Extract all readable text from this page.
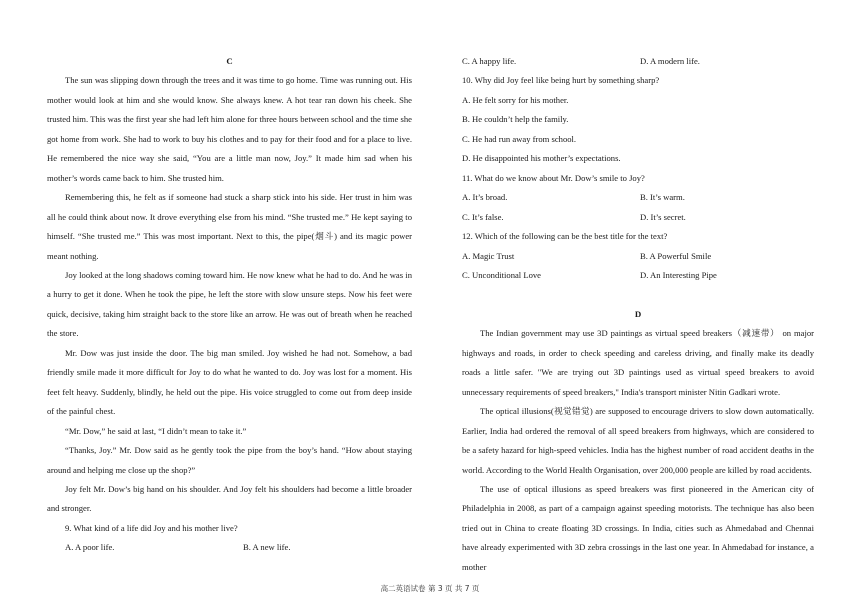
C
The sun was slipping down through the trees and it was time to go home. Time was running out. His mother would look at him and she would know. She always knew. A hot tear ran down his cheek. She trusted him. This was the first year she had left him alone for three hours between school and the time she got home from work. She had to work to buy his clothes and to pay for their food and for a place to live. He remembered the nice way she said, “You are a little man now, Joy.” It made him sad when his mother’s words came back to him. She trusted him.
Remembering this, he felt as if someone had stuck a sharp stick into his side. Her trust in him was all he could think about now. It drove everything else from his mind. “She trusted me.” He kept saying to himself. “She trusted me.” This was most important. Next to this, the pipe(烟斗) and its magic power meant nothing.
Joy looked at the long shadows coming toward him. He now knew what he had to do. And he was in a hurry to get it done. When he took the pipe, he left the store with slow unsure steps. Now his feet were quick, decisive, taking him straight back to the store like an arrow. He was out of breath when he reached the store.
Mr. Dow was just inside the door. The big man smiled. Joy wished he had not. Somehow, a bad friendly smile made it more difficult for Joy to do what he wanted to do. Joy was lost for a moment. His feet felt heavy. Suddenly, blindly, he held out the pipe. His voice struggled to come out from deep inside of the painful chest.
“Mr. Dow,” he said at last, “I didn’t mean to take it.”
“Thanks, Joy.” Mr. Dow said as he gently took the pipe from the boy’s hand. “How about staying around and helping me close up the shop?”
Joy felt Mr. Dow’s big hand on his shoulder. And Joy felt his shoulders had become a little broader and stronger.
9. What kind of a life did Joy and his mother live?
A. A poor life.	B. A new life.
C. A happy life.	D. A modern life.
10. Why did Joy feel like being hurt by something sharp?
A. He felt sorry for his mother.
B. He couldn’t help the family.
C. He had run away from school.
D. He disappointed his mother’s expectations.
11. What do we know about Mr. Dow’s smile to Joy?
A. It’s broad.	B. It’s warm.
C. It’s false.	D. It’s secret.
12. Which of the following can be the best title for the text?
A. Magic Trust	B. A Powerful Smile
C. Unconditional Love	D. An Interesting Pipe
D
The Indian government may use 3D paintings as virtual speed breakers（减速带） on major highways and roads, in order to check speeding and careless driving, and finally make its deadly roads a little safer. "We are trying out 3D paintings used as virtual speed breakers to avoid unnecessary requirements of speed breakers," India's transport minister Nitin Gadkari wrote.
The optical illusions(视觉错觉) are supposed to encourage drivers to slow down automatically. Earlier, India had ordered the removal of all speed breakers from highways, which are considered to be a safety hazard for high-speed vehicles. India has the highest number of road accident deaths in the world. According to the World Health Organisation, over 200,000 people are killed by road accidents.
The use of optical illusions as speed breakers was first pioneered in the American city of Philadelphia in 2008, as part of a campaign against speeding motorists. The technique has also been tried out in China to create floating 3D crossings. In India, cities such as Ahmedabad and Chennai have already experimented with 3D zebra crossings in the last one year. In Ahmedabad for instance, a mother
高二英语试卷 第 3 页 共 7 页
